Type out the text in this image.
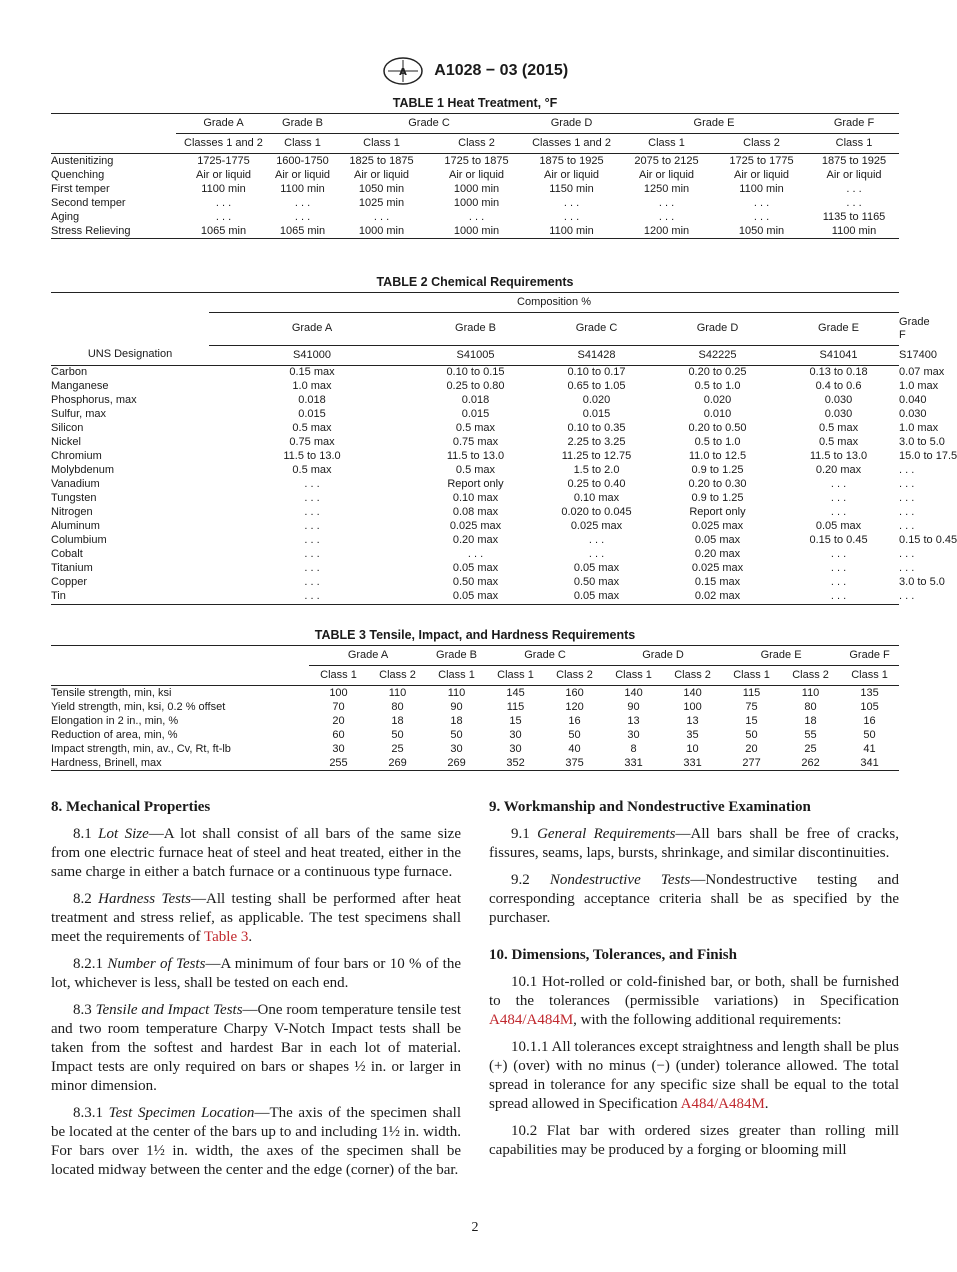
A A1028 − 03 (2015)
TABLE 1 Heat Treatment, °F
	Grade A	Grade B	Grade C		Grade D	Grade E		Grade F
	Classes 1 and 2	Class 1	Class 1	Class 2	Classes 1 and 2	Class 1	Class 2	Class 1
Austenitizing	1725-1775	1600-1750	1825 to 1875	1725 to 1875	1875 to 1925	2075 to 2125	1725 to 1775	1875 to 1925
Quenching	Air or liquid	Air or liquid	Air or liquid	Air or liquid	Air or liquid	Air or liquid	Air or liquid	Air or liquid
First temper	1100 min	1100 min	1050 min	1000 min	1150 min	1250 min	1100 min	. . .
Second temper	. . .	. . .	1025 min	1000 min	. . .	. . .	. . .	. . .
Aging	. . .	. . .	. . .	. . .	. . .	. . .	. . .	1135 to 1165
Stress Relieving	1065 min	1065 min	1000 min	1000 min	1100 min	1200 min	1050 min	1100 min
TABLE 2 Chemical Requirements
	Composition %					
	Grade A	Grade B	Grade C	Grade D	Grade E	Grade F
UNS Designation	S41000	S41005	S41428	S42225	S41041	S17400
Carbon	0.15 max	0.10 to 0.15	0.10 to 0.17	0.20 to 0.25	0.13 to 0.18	0.07 max
Manganese	1.0 max	0.25 to 0.80	0.65 to 1.05	0.5 to 1.0	0.4 to 0.6	1.0 max
Phosphorus, max	0.018	0.018	0.020	0.020	0.030	0.040
Sulfur, max	0.015	0.015	0.015	0.010	0.030	0.030
Silicon	0.5 max	0.5 max	0.10 to 0.35	0.20 to 0.50	0.5 max	1.0 max
Nickel	0.75 max	0.75 max	2.25 to 3.25	0.5 to 1.0	0.5 max	3.0 to 5.0
Chromium	11.5 to 13.0	11.5 to 13.0	11.25 to 12.75	11.0 to 12.5	11.5 to 13.0	15.0 to 17.5
Molybdenum	0.5 max	0.5 max	1.5 to 2.0	0.9 to 1.25	0.20 max	. . .
Vanadium	. . .	Report only	0.25 to 0.40	0.20 to 0.30	. . .	. . .
Tungsten	. . .	0.10 max	0.10 max	0.9 to 1.25	. . .	. . .
Nitrogen	. . .	0.08 max	0.020 to 0.045	Report only	. . .	. . .
Aluminum	. . .	0.025 max	0.025 max	0.025 max	0.05 max	. . .
Columbium	. . .	0.20 max	. . .	0.05 max	0.15 to 0.45	0.15 to 0.45
Cobalt	. . .	. . .	. . .	0.20 max	. . .	. . .
Titanium	. . .	0.05 max	0.05 max	0.025 max	. . .	. . .
Copper	. . .	0.50 max	0.50 max	0.15 max	. . .	3.0 to 5.0
Tin	. . .	0.05 max	0.05 max	0.02 max	. . .	. . .
TABLE 3 Tensile, Impact, and Hardness Requirements
	Grade A		Grade B	Grade C		Grade D		Grade E		Grade F
	Class 1	Class 2	Class 1	Class 1	Class 2	Class 1	Class 2	Class 1	Class 2	Class 1
Tensile strength, min, ksi	100	110	110	145	160	140	140	115	110	135
Yield strength, min, ksi, 0.2 % offset	70	80	90	115	120	90	100	75	80	105
Elongation in 2 in., min, %	20	18	18	15	16	13	13	15	18	16
Reduction of area, min, %	60	50	50	30	50	30	35	50	55	50
Impact strength, min, av., Cv, Rt, ft-lb	30	25	30	30	40	8	10	20	25	41
Hardness, Brinell, max	255	269	269	352	375	331	331	277	262	341
8. Mechanical Properties

8.1 Lot Size—A lot shall consist of all bars of the same size from one electric furnace heat of steel and heat treated, either in the same charge in either a batch furnace or a continuous type furnace.

8.2 Hardness Tests—All testing shall be performed after heat treatment and stress relief, as applicable. The test specimens shall meet the requirements of Table 3.

8.2.1 Number of Tests—A minimum of four bars or 10 % of the lot, whichever is less, shall be tested on each end.

8.3 Tensile and Impact Tests—One room temperature tensile test and two room temperature Charpy V-Notch Impact tests shall be taken from the softest and hardest Bar in each lot of material. Impact tests are only required on bars or shapes ½ in. or larger in minor dimension.

8.3.1 Test Specimen Location—The axis of the specimen shall be located at the center of the bars up to and including 1½ in. width. For bars over 1½ in. width, the axes of the specimen shall be located midway between the center and the edge (corner) of the bar.

9. Workmanship and Nondestructive Examination

9.1 General Requirements—All bars shall be free of cracks, fissures, seams, laps, bursts, shrinkage, and similar discontinuities.

9.2 Nondestructive Tests—Nondestructive testing and corresponding acceptance criteria shall be as specified by the purchaser.

10. Dimensions, Tolerances, and Finish

10.1 Hot-rolled or cold-finished bar, or both, shall be furnished to the tolerances (permissible variations) in Specification A484/A484M, with the following additional requirements:

10.1.1 All tolerances except straightness and length shall be plus (+) (over) with no minus (−) (under) tolerance allowed. The total spread in tolerance for any specific size shall be equal to the total spread allowed in Specification A484/A484M.

10.2 Flat bar with ordered sizes greater than rolling mill capabilities may be produced by a forging or blooming mill

2
